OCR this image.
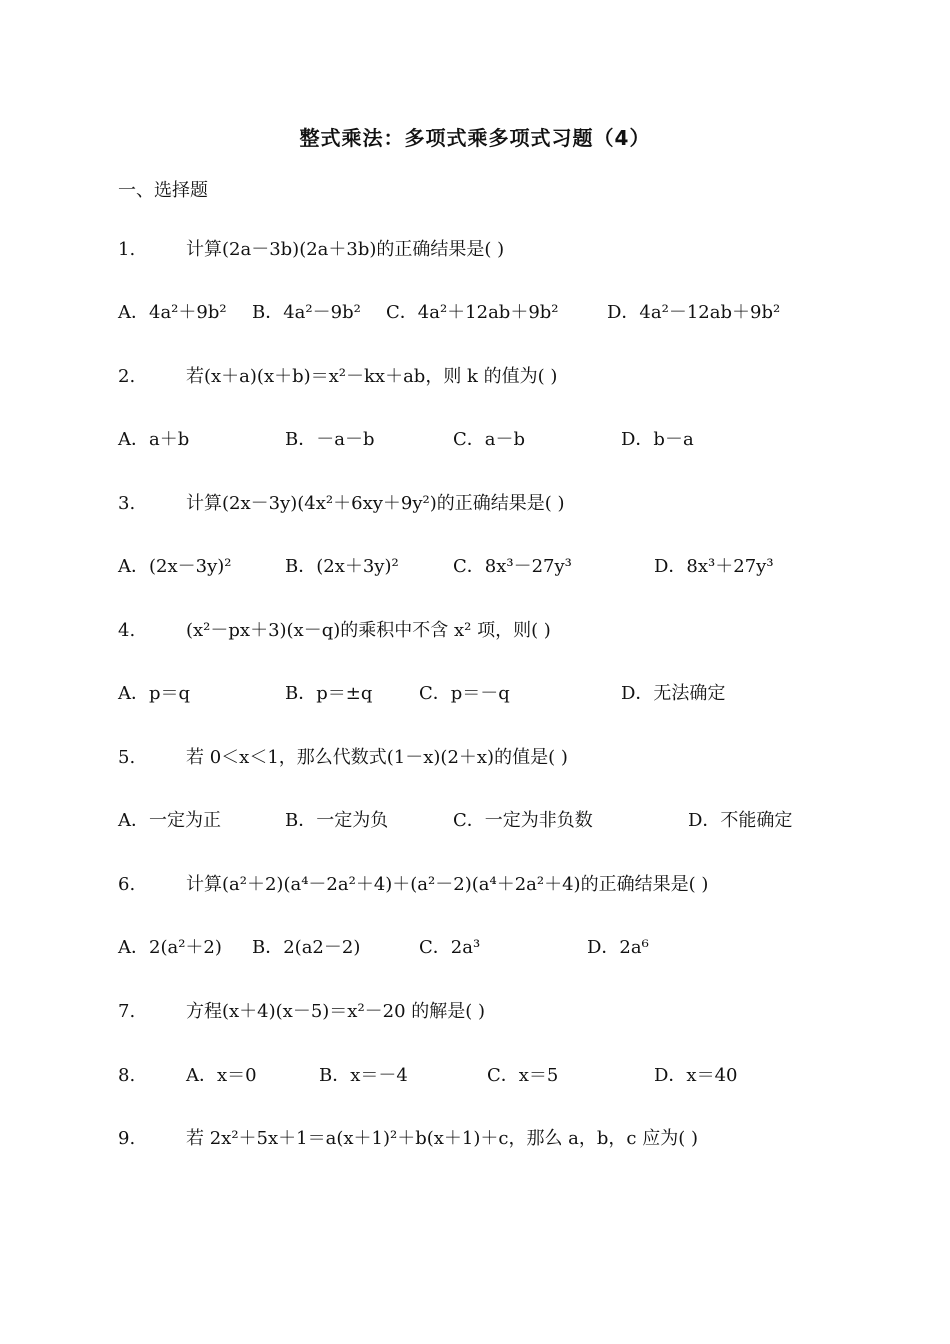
整式乘法：多项式乘多项式习题（4）
一、选择题
1.	计算(2a－3b)(2a＋3b)的正确结果是( )
A．4a²＋9b² B．4a²－9b² C．4a²＋12ab＋9b²	D．4a²－12ab＋9b²
2.	若(x＋a)(x＋b)＝x²－kx＋ab，则 k 的值为( )
A．a＋b	B．－a－b	C．a－b	D．b－a
3.	计算(2x－3y)(4x²＋6xy＋9y²)的正确结果是( )
A．(2x－3y)²	B．(2x＋3y)²	C．8x³－27y³	D．8x³＋27y³
4.	(x²－px＋3)(x－q)的乘积中不含 x² 项，则( )
A．p＝q	B．p＝±q	C．p＝－q	D．无法确定
5.	若 0＜x＜1，那么代数式(1－x)(2＋x)的值是( )
A．一定为正	B．一定为负	C．一定为非负数	D．不能确定
6.	计算(a²＋2)(a⁴－2a²＋4)＋(a²－2)(a⁴＋2a²＋4)的正确结果是( )
A．2(a²＋2) B．2(a2－2)	C．2a³	D．2a⁶
7.	方程(x＋4)(x－5)＝x²－20 的解是( )
8.	A．x＝0	B．x＝－4	C．x＝5	D．x＝40
9.	若 2x²＋5x＋1＝a(x＋1)²＋b(x＋1)＋c，那么 a，b，c 应为( )
